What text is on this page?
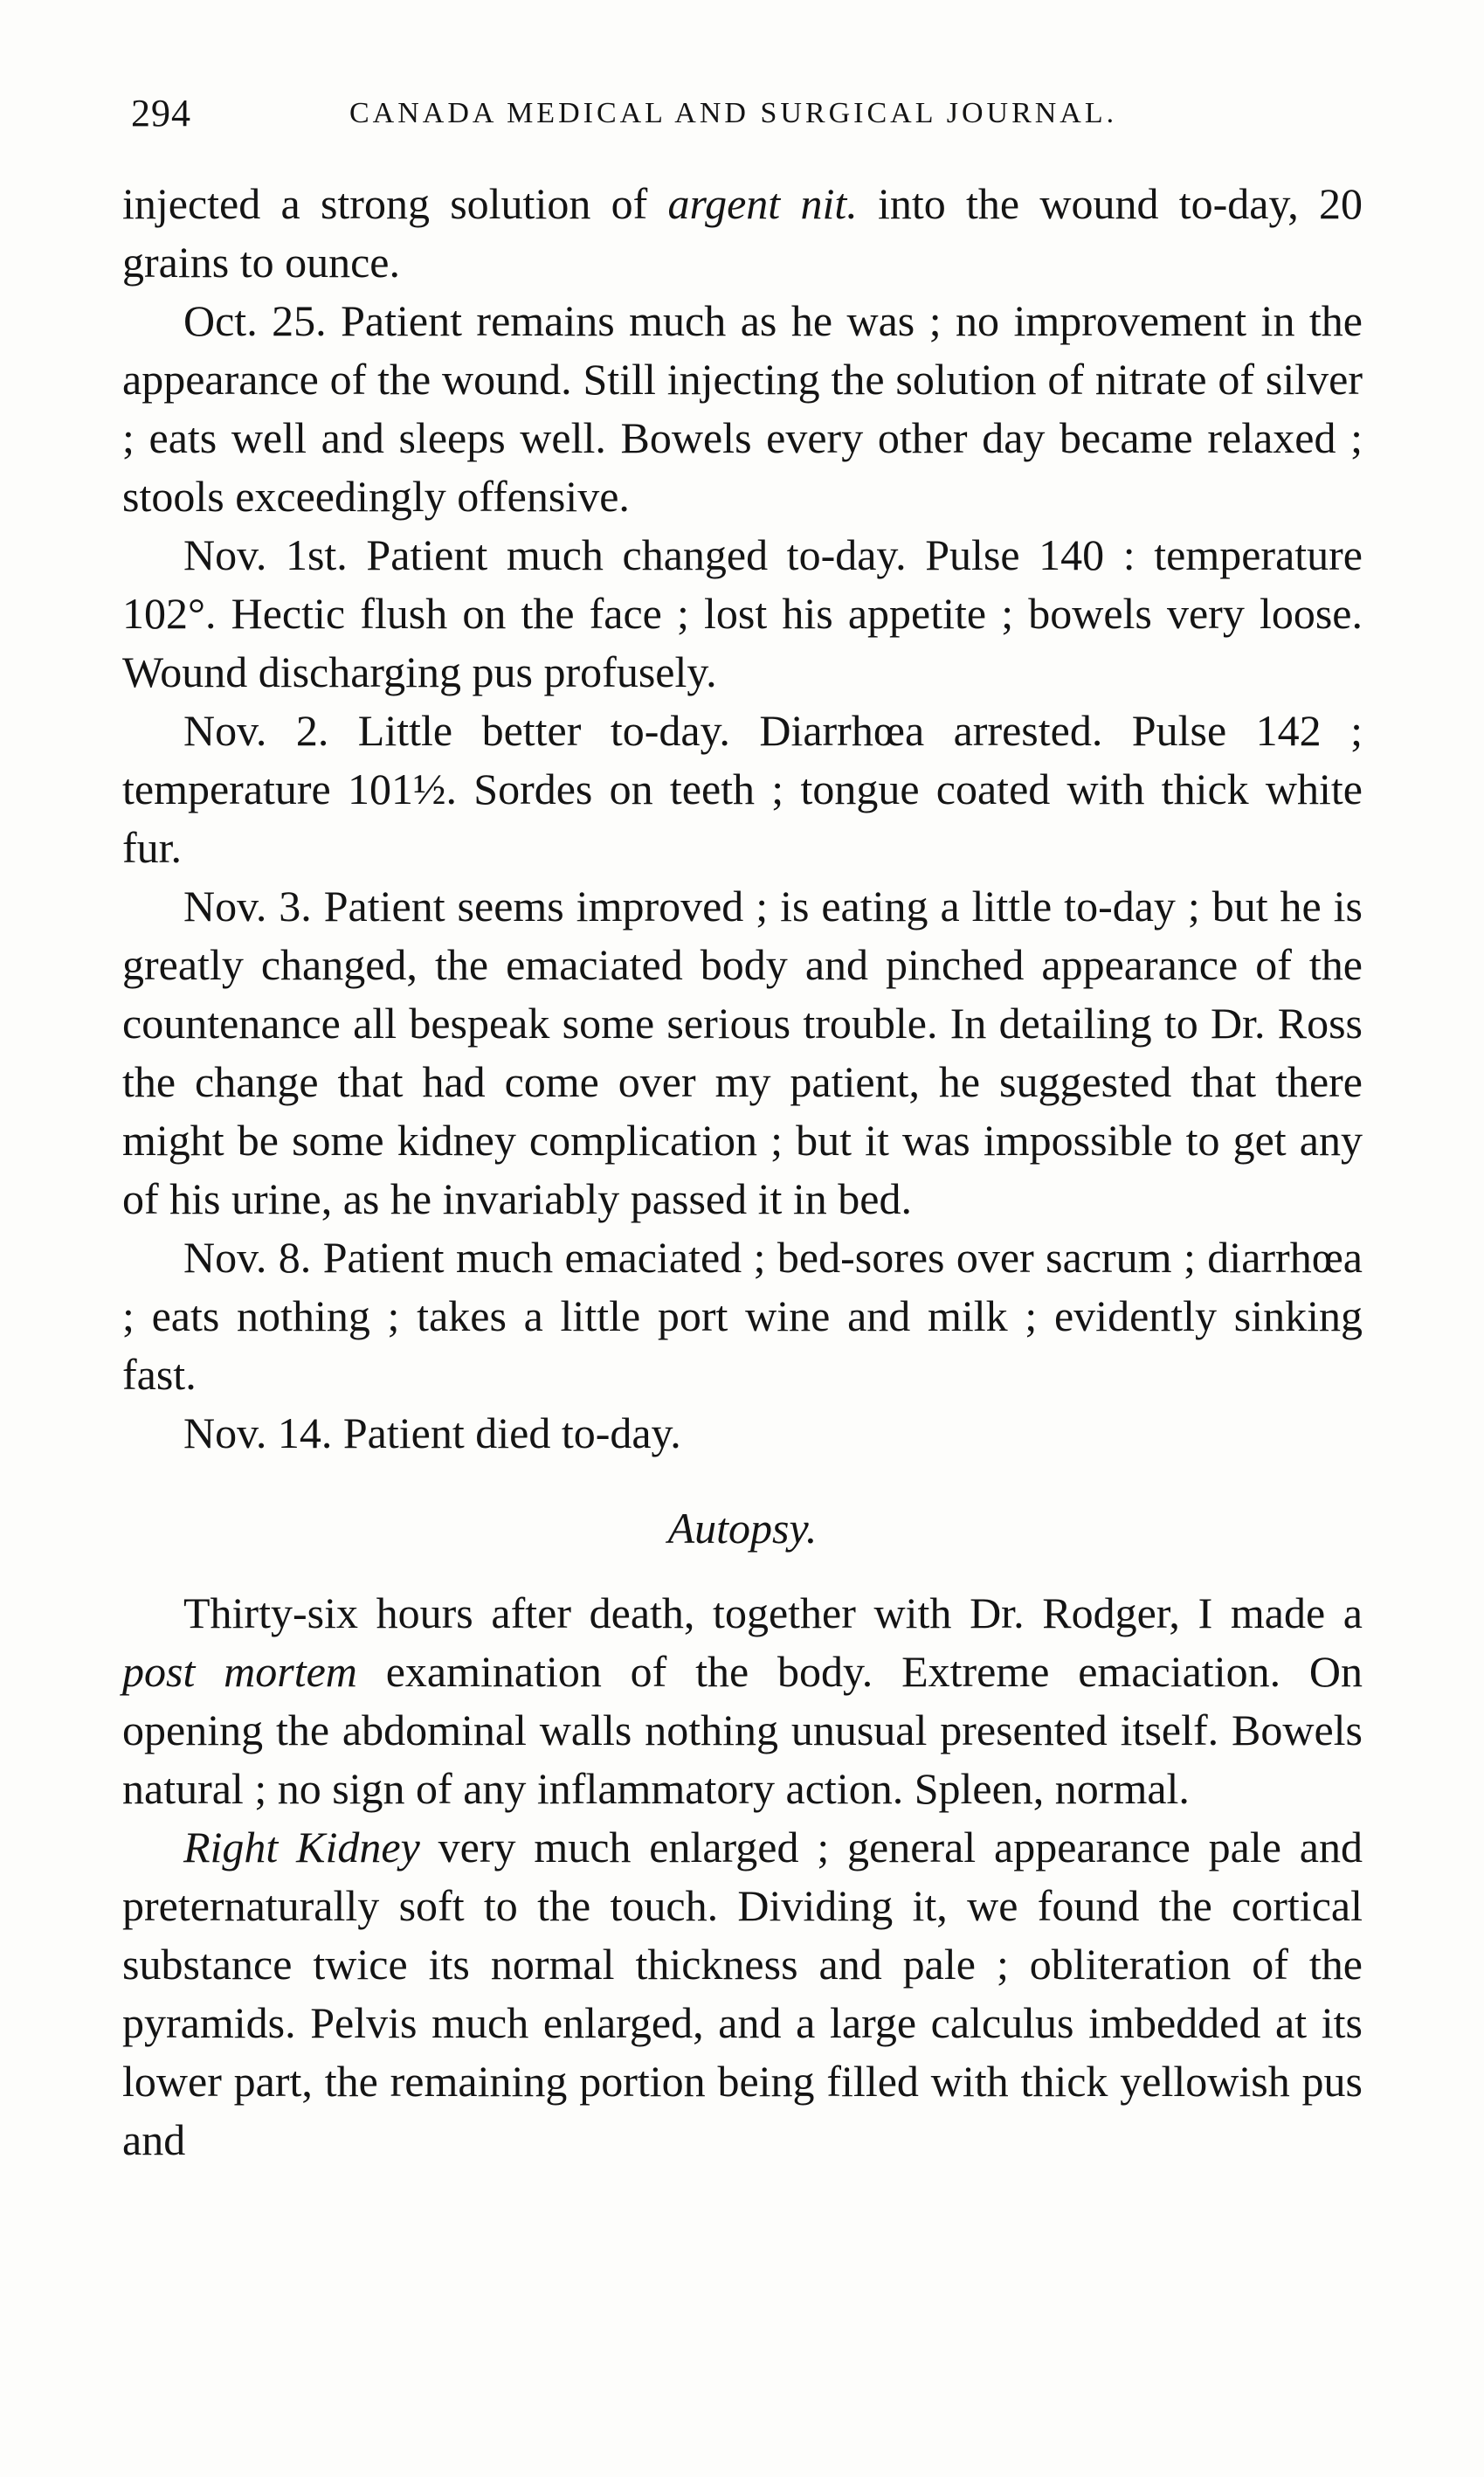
294	CANADA MEDICAL AND SURGICAL JOURNAL.

injected a strong solution of argent nit. into the wound to-day, 20 grains to ounce.

Oct. 25. Patient remains much as he was ; no improvement in the appearance of the wound. Still injecting the solution of nitrate of silver ; eats well and sleeps well. Bowels every other day became relaxed ; stools exceedingly offensive.

Nov. 1st. Patient much changed to-day. Pulse 140 : temperature 102°. Hectic flush on the face ; lost his appetite ; bowels very loose. Wound discharging pus profusely.

Nov. 2. Little better to-day. Diarrhœa arrested. Pulse 142 ; temperature 101½. Sordes on teeth ; tongue coated with thick white fur.

Nov. 3. Patient seems improved ; is eating a little to-day ; but he is greatly changed, the emaciated body and pinched appearance of the countenance all bespeak some serious trouble. In detailing to Dr. Ross the change that had come over my patient, he suggested that there might be some kidney complication ; but it was impossible to get any of his urine, as he invariably passed it in bed.

Nov. 8. Patient much emaciated ; bed-sores over sacrum ; diarrhœa ; eats nothing ; takes a little port wine and milk ; evidently sinking fast.

Nov. 14. Patient died to-day.

Autopsy.

Thirty-six hours after death, together with Dr. Rodger, I made a post mortem examination of the body. Extreme emaciation. On opening the abdominal walls nothing unusual presented itself. Bowels natural ; no sign of any inflammatory action. Spleen, normal.

Right Kidney very much enlarged ; general appearance pale and preternaturally soft to the touch. Dividing it, we found the cortical substance twice its normal thickness and pale ; obliteration of the pyramids. Pelvis much enlarged, and a large calculus imbedded at its lower part, the remaining portion being filled with thick yellowish pus and
